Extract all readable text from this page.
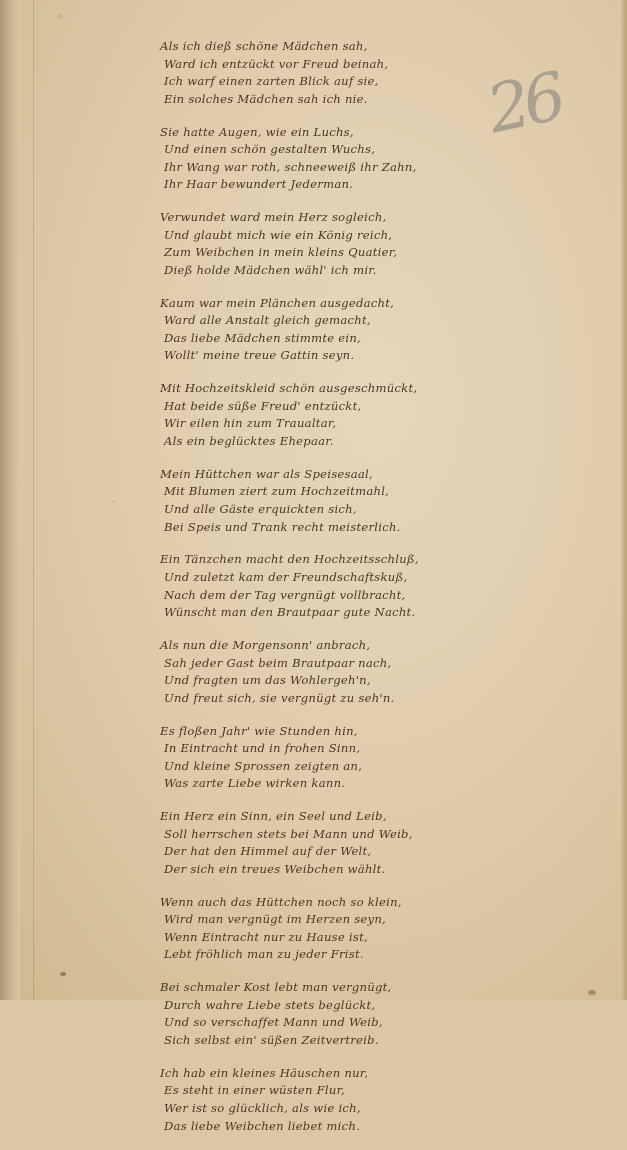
26
Als ich dieß schöne Mädchen sah,
Ward ich entzückt vor Freud beinah,
Ich warf einen zarten Blick auf sie,
Ein solches Mädchen sah ich nie.
Sie hatte Augen, wie ein Luchs,
Und einen schön gestalten Wuchs,
Ihr Wang war roth, schneeweiß ihr Zahn,
Ihr Haar bewundert Jederman.
Verwundet ward mein Herz sogleich,
Und glaubt mich wie ein König reich,
Zum Weibchen in mein kleins Quatier,
Dieß holde Mädchen wähl' ich mir.
Kaum war mein Plänchen ausgedacht,
Ward alle Anstalt gleich gemacht,
Das liebe Mädchen stimmte ein,
Wollt' meine treue Gattin seyn.
Mit Hochzeitskleid schön ausgeschmückt,
Hat beide süße Freud' entzückt,
Wir eilen hin zum Traualtar,
Als ein beglücktes Ehepaar.
Mein Hüttchen war als Speisesaal,
Mit Blumen ziert zum Hochzeitmahl,
Und alle Gäste erquickten sich,
Bei Speis und Trank recht meisterlich.
Ein Tänzchen macht den Hochzeitsschluß,
Und zuletzt kam der Freundschaftskuß,
Nach dem der Tag vergnügt vollbracht,
Wünscht man den Brautpaar gute Nacht.
Als nun die Morgensonn' anbrach,
Sah jeder Gast beim Brautpaar nach,
Und fragten um das Wohlergeh'n,
Und freut sich, sie vergnügt zu seh'n.
Es floßen Jahr' wie Stunden hin,
In Eintracht und in frohen Sinn,
Und kleine Sprossen zeigten an,
Was zarte Liebe wirken kann.
Ein Herz ein Sinn, ein Seel und Leib,
Soll herrschen stets bei Mann und Weib,
Der hat den Himmel auf der Welt,
Der sich ein treues Weibchen wählt.
Wenn auch das Hüttchen noch so klein,
Wird man vergnügt im Herzen seyn,
Wenn Eintracht nur zu Hause ist,
Lebt fröhlich man zu jeder Frist.
Bei schmaler Kost lebt man vergnügt,
Durch wahre Liebe stets beglückt,
Und so verschaffet Mann und Weib,
Sich selbst ein' süßen Zeitvertreib.
Ich hab ein kleines Häuschen nur,
Es steht in einer wüsten Flur,
Wer ist so glücklich, als wie ich,
Das liebe Weibchen liebet mich.
